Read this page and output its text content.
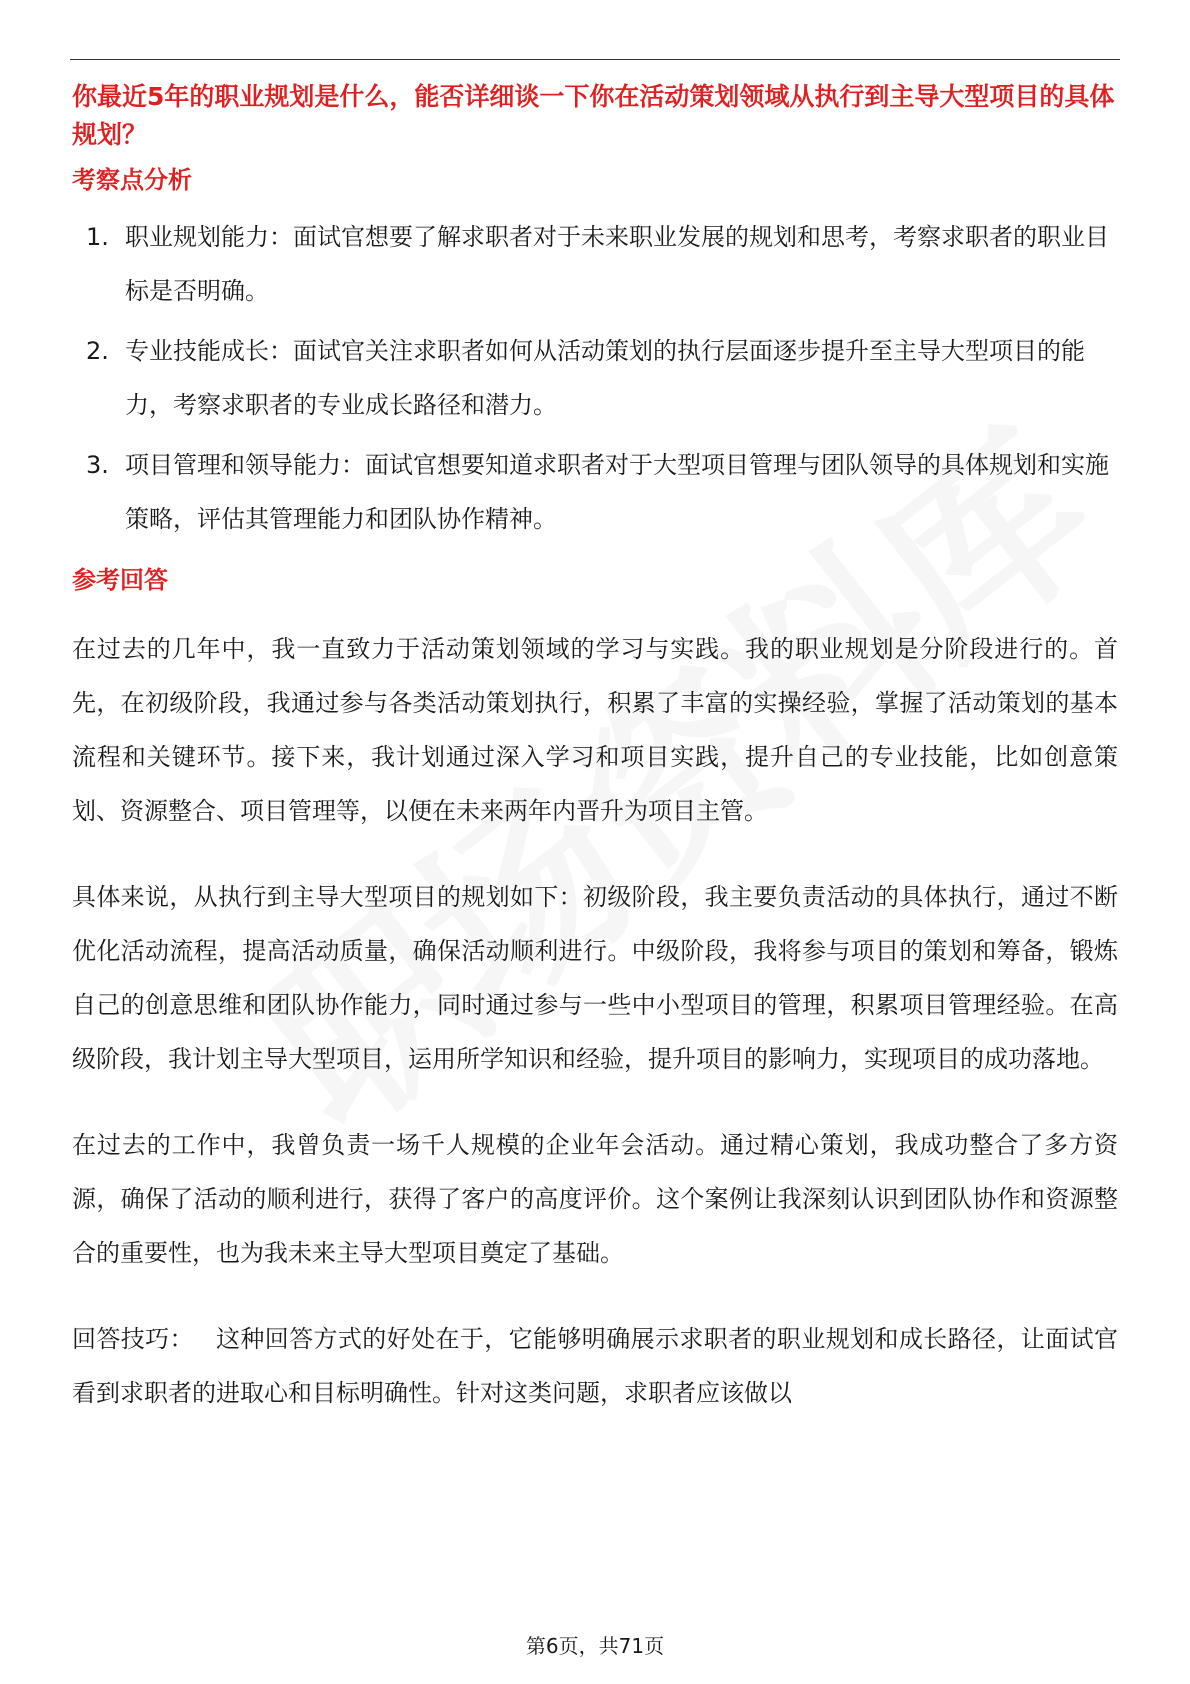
你最近5年的职业规划是什么，能否详细谈一下你在活动策划领域从执行到主导大型项目的具体规划？

考察点分析

1. 职业规划能力：面试官想要了解求职者对于未来职业发展的规划和思考，考察求职者的职业目标是否明确。
2. 专业技能成长：面试官关注求职者如何从活动策划的执行层面逐步提升至主导大型项目的能力，考察求职者的专业成长路径和潜力。
3. 项目管理和领导能力：面试官想要知道求职者对于大型项目管理与团队领导的具体规划和实施策略，评估其管理能力和团队协作精神。

参考回答

在过去的几年中，我一直致力于活动策划领域的学习与实践。我的职业规划是分阶段进行的。首先，在初级阶段，我通过参与各类活动策划执行，积累了丰富的实操经验，掌握了活动策划的基本流程和关键环节。接下来，我计划通过深入学习和项目实践，提升自己的专业技能，比如创意策划、资源整合、项目管理等，以便在未来两年内晋升为项目主管。

具体来说，从执行到主导大型项目的规划如下：初级阶段，我主要负责活动的具体执行，通过不断优化活动流程，提高活动质量，确保活动顺利进行。中级阶段，我将参与项目的策划和筹备，锻炼自己的创意思维和团队协作能力，同时通过参与一些中小型项目的管理，积累项目管理经验。在高级阶段，我计划主导大型项目，运用所学知识和经验，提升项目的影响力，实现项目的成功落地。

在过去的工作中，我曾负责一场千人规模的企业年会活动。通过精心策划，我成功整合了多方资源，确保了活动的顺利进行，获得了客户的高度评价。这个案例让我深刻认识到团队协作和资源整合的重要性，也为我未来主导大型项目奠定了基础。

回答技巧： 这种回答方式的好处在于，它能够明确展示求职者的职业规划和成长路径，让面试官看到求职者的进取心和目标明确性。针对这类问题，求职者应该做以

第6页，共71页
